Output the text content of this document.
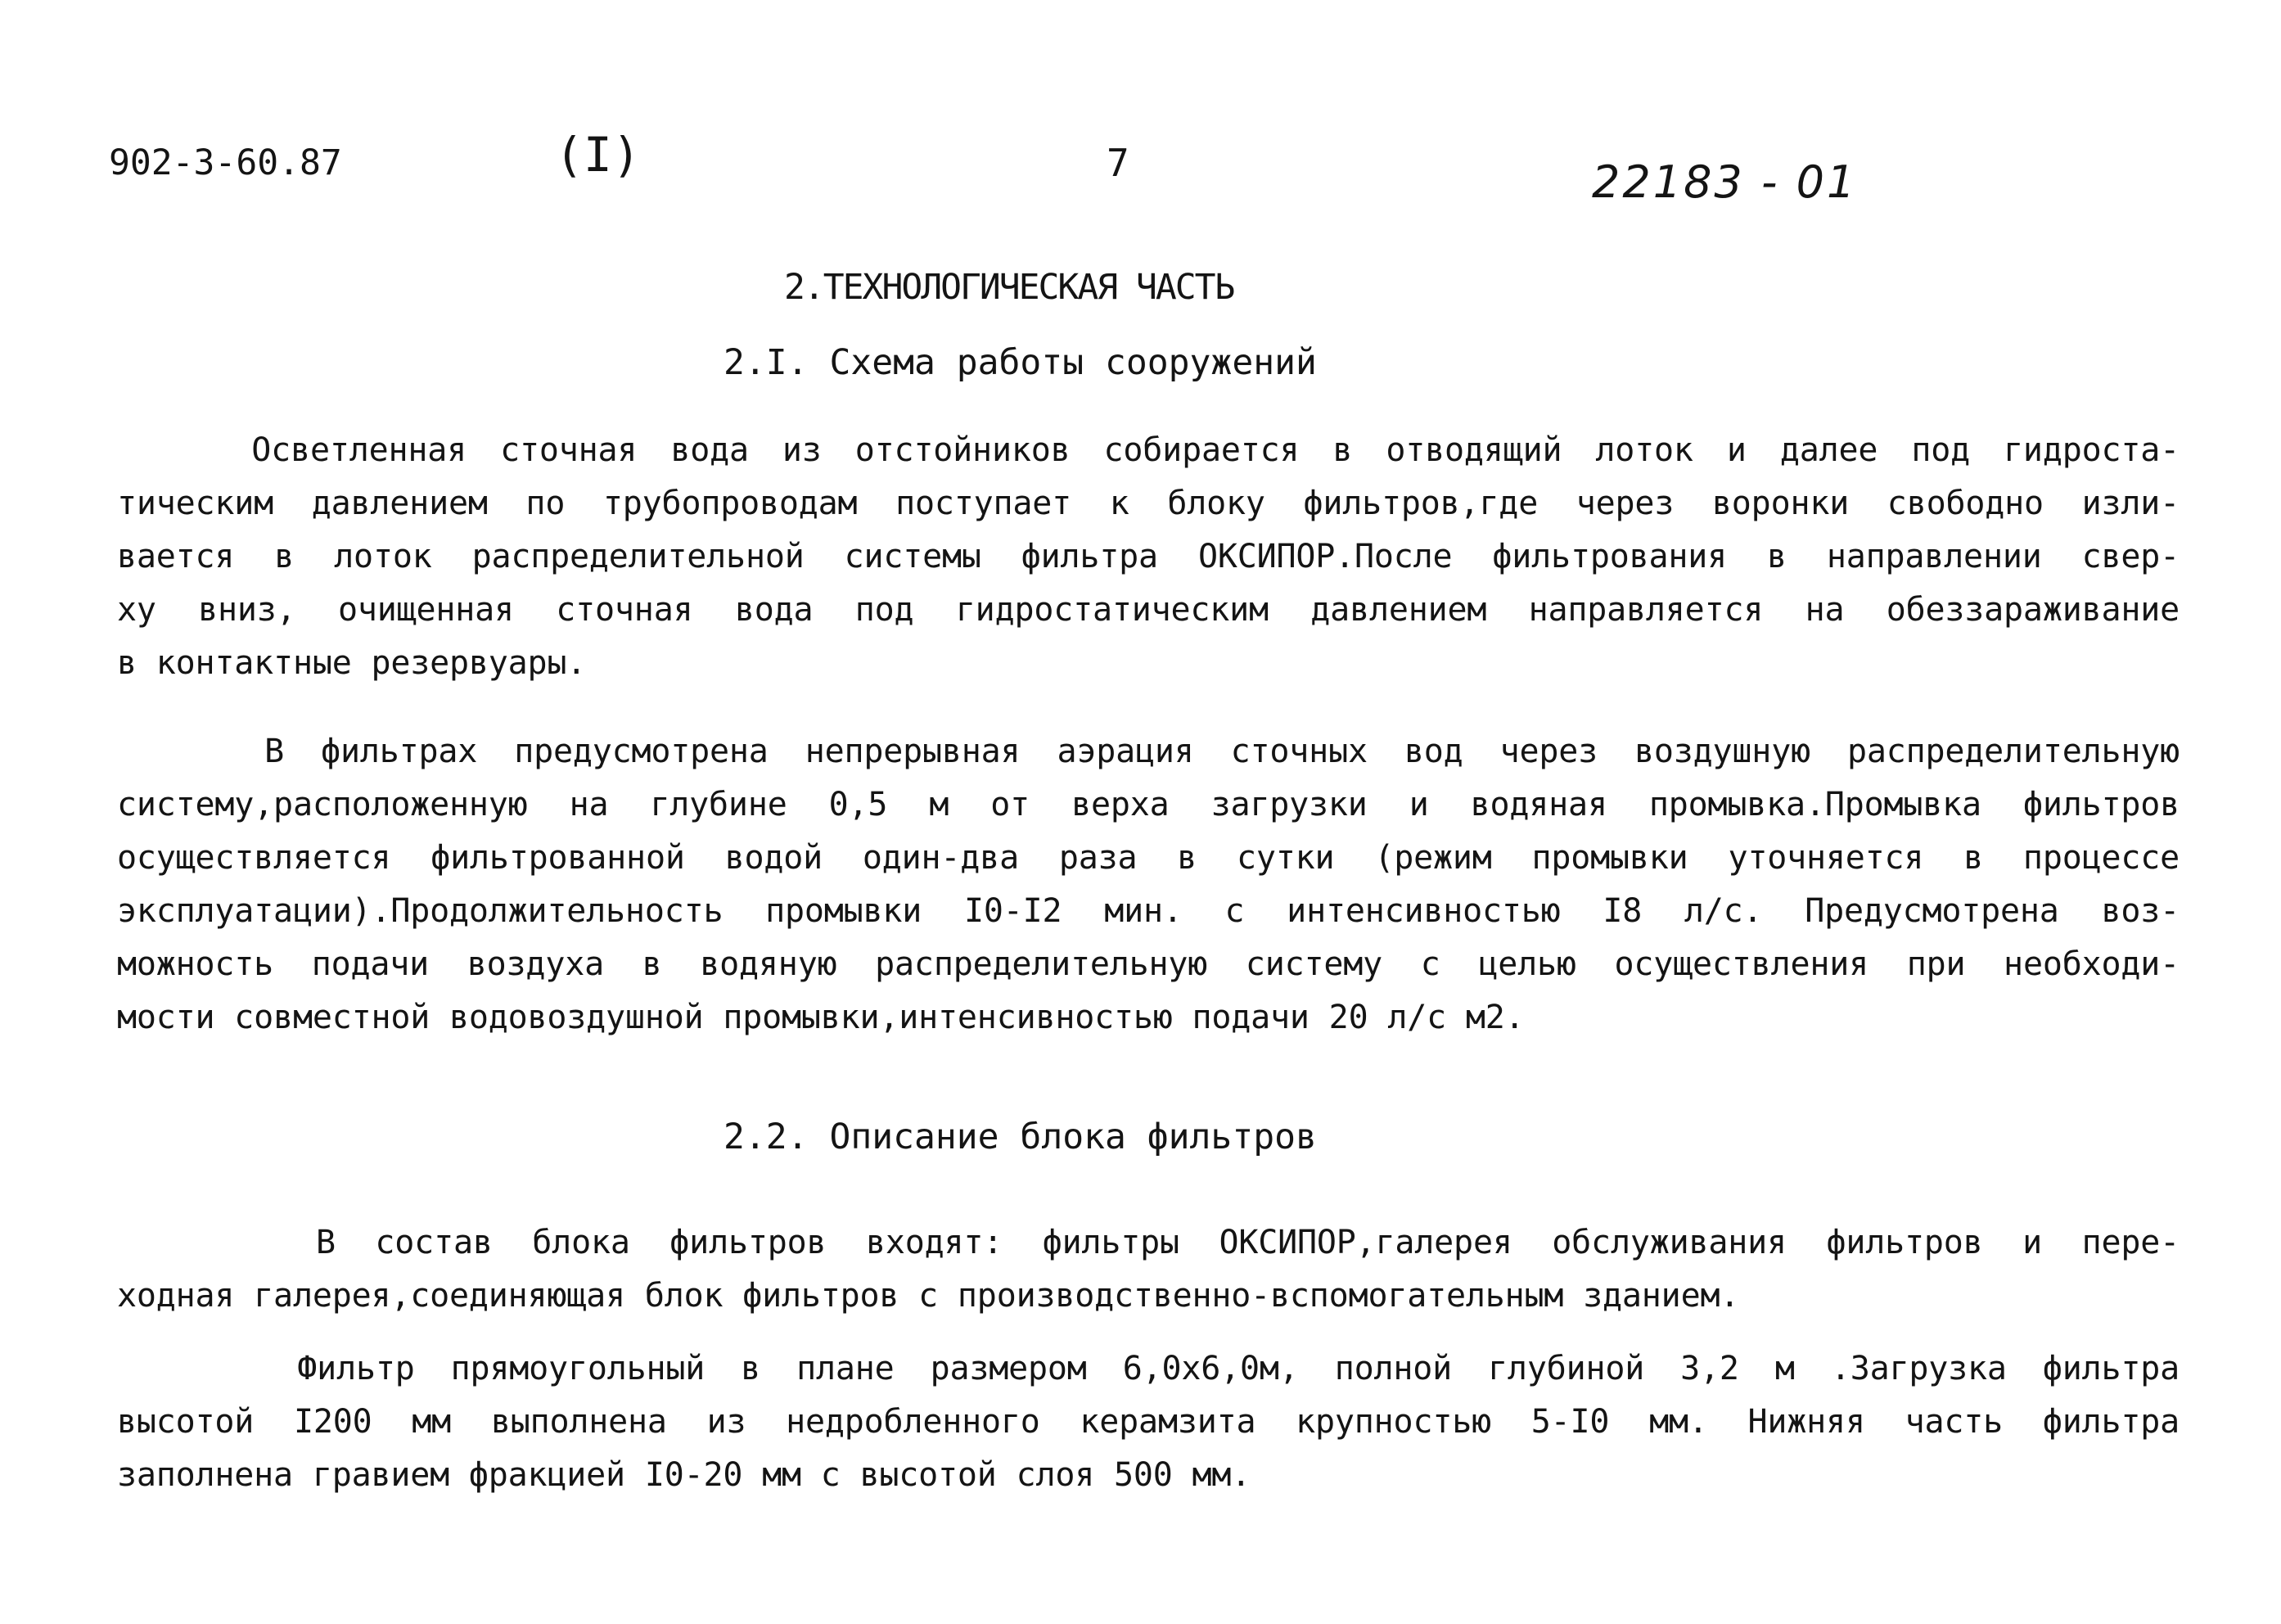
902-3-60.87	(I)	7	22183 - 01
2.ТЕХНОЛОГИЧЕСКАЯ ЧАСТЬ
2.I. Схема работы сооружений
Осветленная сточная вода из отстойников собирается в отводящий лоток и далее под гидроста-
тическим давлением по трубопроводам поступает к блоку фильтров,где через воронки свободно изли-
вается в лоток распределительной системы фильтра ОКСИПОР.После фильтрования в направлении свер-
ху вниз, очищенная сточная вода под гидростатическим давлением направляется на обеззараживание
в контактные резервуары.
В фильтрах предусмотрена непрерывная аэрация сточных вод через воздушную распределительную
систему,расположенную на глубине 0,5 м от верха загрузки и водяная промывка.Промывка фильтров
осуществляется фильтрованной водой один-два раза в сутки (режим промывки уточняется в процессе
эксплуатации).Продолжительность промывки I0-I2 мин. с интенсивностью I8 л/с. Предусмотрена воз-
можность подачи воздуха в водяную распределительную систему с целью осуществления при необходи-
мости совместной водовоздушной промывки,интенсивностью подачи 20 л/с м2.
2.2. Описание блока фильтров
В состав блока фильтров входят: фильтры ОКСИПОР,галерея обслуживания фильтров и пере-
ходная галерея,соединяющая блок фильтров с производственно-вспомогательным зданием.
Фильтр прямоугольный в плане размером 6,0х6,0м, полной глубиной 3,2 м .Загрузка фильтра
высотой I200 мм выполнена из недробленного керамзита крупностью 5-I0 мм. Нижняя часть фильтра
заполнена гравием фракцией I0-20 мм с высотой слоя 500 мм.
